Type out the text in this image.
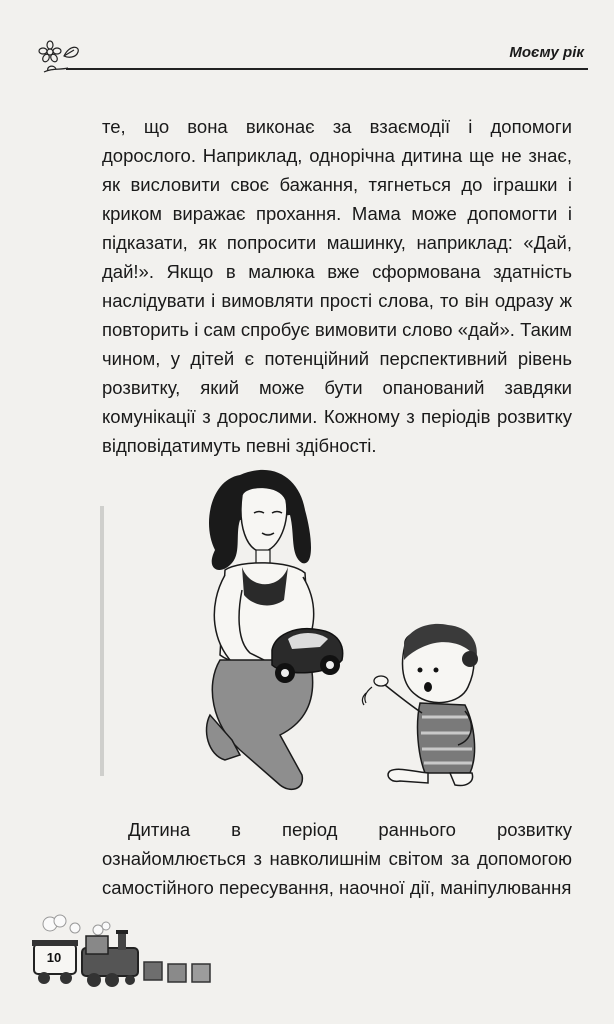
Моєму рік
те, що вона виконає за взаємодії і допомоги дорослого. Наприклад, однорічна дитина ще не знає, як висловити своє бажання, тягнеться до іграшки і криком виражає прохання. Мама може допомогти і підказати, як попросити машинку, наприклад: «Дай, дай!». Якщо в малюка вже сформована здатність наслідувати і вимовляти прості слова, то він одразу ж повторить і сам спробує вимовити слово «дай». Таким чином, у дітей є потенційний перспективний рівень розвитку, який може бути опанований завдяки комунікації з дорослими. Кожному з періодів розвитку відповідатимуть певні здібності.
Дитина в період раннього розвитку ознайомлюється з навколишнім світом за допомогою самостійного пересування, наочної дії, маніпулювання
10
